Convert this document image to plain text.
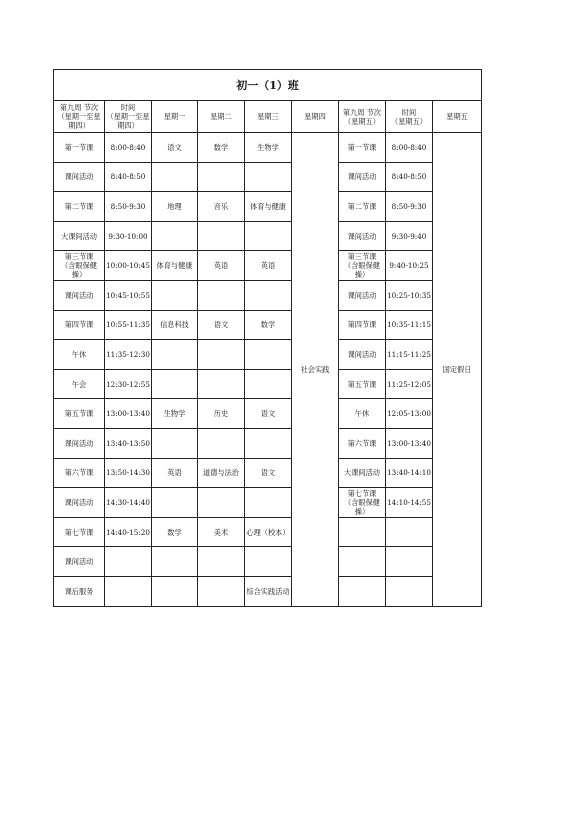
初一（1）班								
第九周 节次
（星期一至星期四）	时间
（星期一至星
期四）	星期一	星期二	星期三	星期四	第九周 节次
（星期五）	时间
（星期五）	星期五
第一节课	8:00-8:40	语文	数学	生物学	社会实践	第一节课	8:00-8:40	国定假日
课间活动	8:40-8:50					课间活动	8:40-8:50	
第二节课	8:50-9:30	地理	音乐	体育与健康		第二节课	8:50-9:30	
大课间活动	9:30-10:00					课间活动	9:30-9:40	
第三节课
（含眼保健
操）	10:00-10:45	体育与健康	英语	英语		第三节课
（含眼保健
操）	9:40-10:25	
课间活动	10:45-10:55					课间活动	10:25-10:35	
第四节课	10:55-11:35	信息科技	语文	数学		第四节课	10:35-11:15	
午休	11:35-12:30					课间活动	11:15-11:25	
午会	12:30-12:55					第五节课	11:25-12:05	
第五节课	13:00-13:40	生物学	历史	语文		午休	12:05-13:00	
课间活动	13:40-13:50					第六节课	13:00-13:40	
第六节课	13:50-14:30	英语	道德与法治	语文		大课间活动	13:40-14:10	
课间活动	14:30-14:40					第七节课
（含眼保健
操）	14:10-14:55	
第七节课	14:40-15:20	数学	美术	心理（校本）				
课间活动								
课后服务				综合实践活动				
